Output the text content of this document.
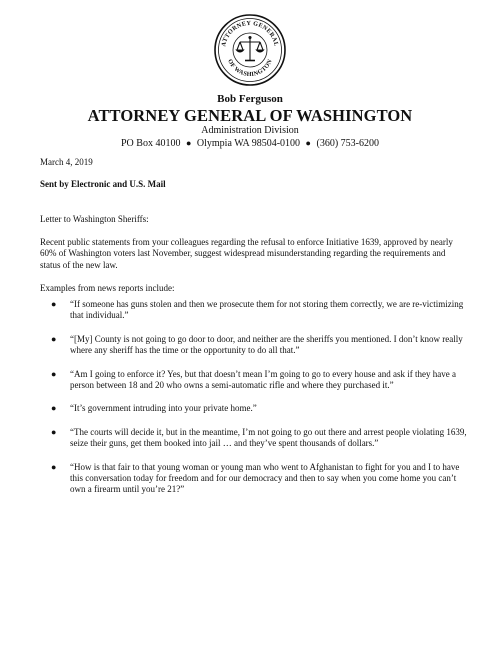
ATTORNEY GENERAL
OF WASHINGTON
Bob Ferguson
ATTORNEY GENERAL OF WASHINGTON
Administration Division
PO Box 40100 ● Olympia WA 98504-0100 ● (360) 753-6200
March 4, 2019
Sent by Electronic and U.S. Mail
Letter to Washington Sheriffs:
Recent public statements from your colleagues regarding the refusal to enforce Initiative 1639, approved by nearly 60% of Washington voters last November, suggest widespread misunderstanding regarding the requirements and status of the new law.
Examples from news reports include:
● “If someone has guns stolen and then we prosecute them for not storing them correctly, we are re-victimizing that individual.”
● “[My] County is not going to go door to door, and neither are the sheriffs you mentioned. I don’t know really where any sheriff has the time or the opportunity to do all that.”
● “Am I going to enforce it? Yes, but that doesn’t mean I’m going to go to every house and ask if they have a person between 18 and 20 who owns a semi-automatic rifle and where they purchased it.”
● “It’s government intruding into your private home.”
● “The courts will decide it, but in the meantime, I’m not going to go out there and arrest people violating 1639, seize their guns, get them booked into jail … and they’ve spent thousands of dollars.”
● “How is that fair to that young woman or young man who went to Afghanistan to fight for you and I to have this conversation today for freedom and for our democracy and then to say when you come home you can’t own a firearm until you’re 21?”
